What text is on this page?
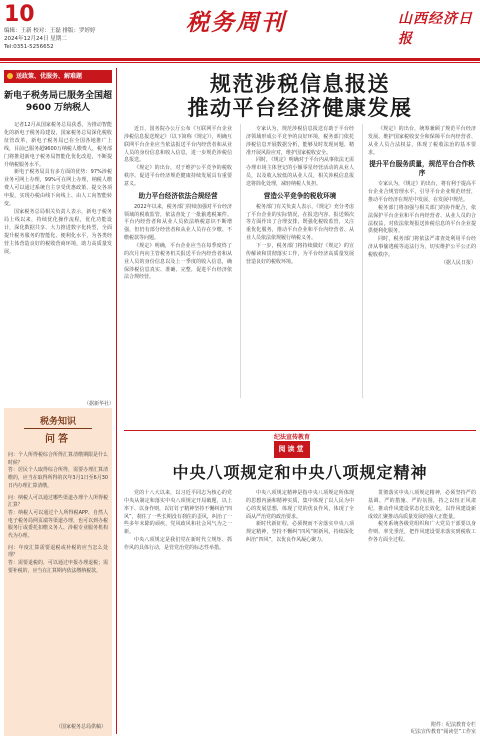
10
编辑：王新 校对：王磊 排版：罗婷婷
2024年12月24日 星期二
Tel:0351-5256652
税务周刊	山西经济日报
送政策、优服务、解难题
新电子税务局已服务全国超 9600 万纳税人

记者12月从国家税务总局获悉，为推动智能化的新电子税务局建设，国家税务总局深化税收征管改革，新电子税务局已在全国各地推广上线，目前已服务超9600万纳税人缴费人，税务部门将推进新电子税务局智能化优化改进，不断提升纳税服务水平。

新电子税务局具有多方面的优势：97%涉税业务可网上办理，99%可在网上办理，纳税人缴费人可以通过系统自主享受优惠政策、提交各项申报，实现办税由线下向线上、由人工向智能转变。

国家税务总局相关负责人表示，新电子税务局上线以来，持续优化操作流程，优化功能设计，深化数据共享、大力推进数字化转型，全面提升税务服务的智能化、便利化水平，为各类经营主体营造良好的税收营商环境，助力高质量发展。

（据新华社）
税务知识
问答

问：个人所得税综合所得汇算清缴期限是什么时候？

答：居民个人取得综合所得，需要办理汇算清缴的，应当在取得所得的次年3月1日至6月30日内办理汇算清缴。

问：纳税人可以通过哪些渠道办理个人所得税汇算？

答：纳税人可以通过个人所得税APP、自然人电子税务局网页端等渠道办理，也可以到办税服务厅或委托扣缴义务人、涉税专业服务机构代为办理。

问：年度汇算需要退税或补税的应当怎么处理？

答：需要退税的，可以通过申报办理退税；需要补税的，应当在汇算期内依法缴纳税款。

（国家税务总局供稿）
规范涉税信息报送
推动平台经济健康发展

近日，国务院办公厅公布《互联网平台企业涉税信息报送规定》（以下简称《规定》），明确互联网平台企业应当依法报送平台内经营者和从业人员的身份信息和收入信息，进一步规范涉税信息报送。

《规定》的出台，对于维护公平竞争的税收秩序、促进平台经济规范健康持续发展具有重要意义。

助力平台经济依法合规经营

2022年以来，税务部门持续加强对平台经济领域的税收监管，依法查处了一批偷逃税案件。平台内经营者和从业人员依法纳税意识不断增强，但仍有部分经营者和从业人员存在少缴、不缴税款等问题。

《规定》明确，平台企业应当在每季度终了的次月内向主管税务机关报送平台内经营者和从业人员的身份信息以及上一季度的收入信息，确保涉税信息真实、准确、完整，促进平台经济依法合规经营。

专家认为，规范涉税信息报送有助于平台经济领域形成公平竞争的良好环境，税务部门依托涉税信息开展数据分析，能够及时发现问题、精准开展风险应对，维护国家税收安全。

同时，《规定》明确对于平台内从事依法无需办理市场主体登记的小额零星经营活动的从业人员，以及收入较低的从业人员，相关涉税信息报送将简化处理，减轻纳税人负担。

营造公平竞争的税收环境

税务部门有关负责人表示，《规定》充分考虑了平台企业的实际情况，在报送内容、报送频次等方面作出了合理安排，既强化税收监管，又注重优化服务，推动平台企业和平台内经营者、从业人员依法依规履行纳税义务。

下一步，税务部门将持续做好《规定》的宣传解读和贯彻落实工作，为平台经济高质量发展营造良好的税收环境。

《规定》的出台，统筹兼顾了规范平台经济发展、维护国家税收安全和保障平台内经营者、从业人员合法权益，体现了税收法治的基本要求。

提升平台服务质量，规范平台合作秩序

专家认为，《规定》的出台，将有利于提高平台企业合规管理水平，引导平台企业规范经营，推动平台经济在规范中发展、在发展中规范。

税务部门将加强与相关部门的协作配合，依法保护平台企业和平台内经营者、从业人员的合法权益，对依法依规报送涉税信息的平台企业提供便利化服务。

同时，税务部门将依法严肃查处利用平台经济从事偷逃税等违法行为，切实维护公平公正的税收秩序。

（据人民日报）

纪法宣传教育
阅读堂
中央八项规定和中央八项规定精神

党的十八大以来，以习近平同志为核心的党中央从制定和落实中央八项规定开局破题，以上率下、以身作则，以钉钉子精神坚持不懈纠治“四风”，刹住了一些长期没有刹住的歪风，纠治了一些多年未除的顽疾，党风政风和社会风气为之一新。

中央八项规定是我们党在新时代立规矩、抓作风的具体行动，是管党治党的标志性举措。

中央八项规定精神是指中央八项规定所体现的思想内涵和精神实质，集中体现了以人民为中心的发展思想，体现了党的优良作风，体现了全面从严治党的政治要求。

新时代新征程，必须锲而不舍落实中央八项规定精神，坚持不懈纠“四风”树新风，持续深化纠治“四风”，以优良作风凝心聚力。

贯彻落实中央八项规定精神，必须坚持严的基调、严的措施、严的氛围，持之以恒正风肃纪，推动作风建设常态化长效化，以作风建设新成效汇聚推动高质量发展的强大正能量。

税务系统各级党组织和广大党员干部要以身作则、率先垂范，把作风建设要求落实到税收工作各方面全过程。

附件：纪法教育专栏
纪法宣传教育“阅读堂”工作室
